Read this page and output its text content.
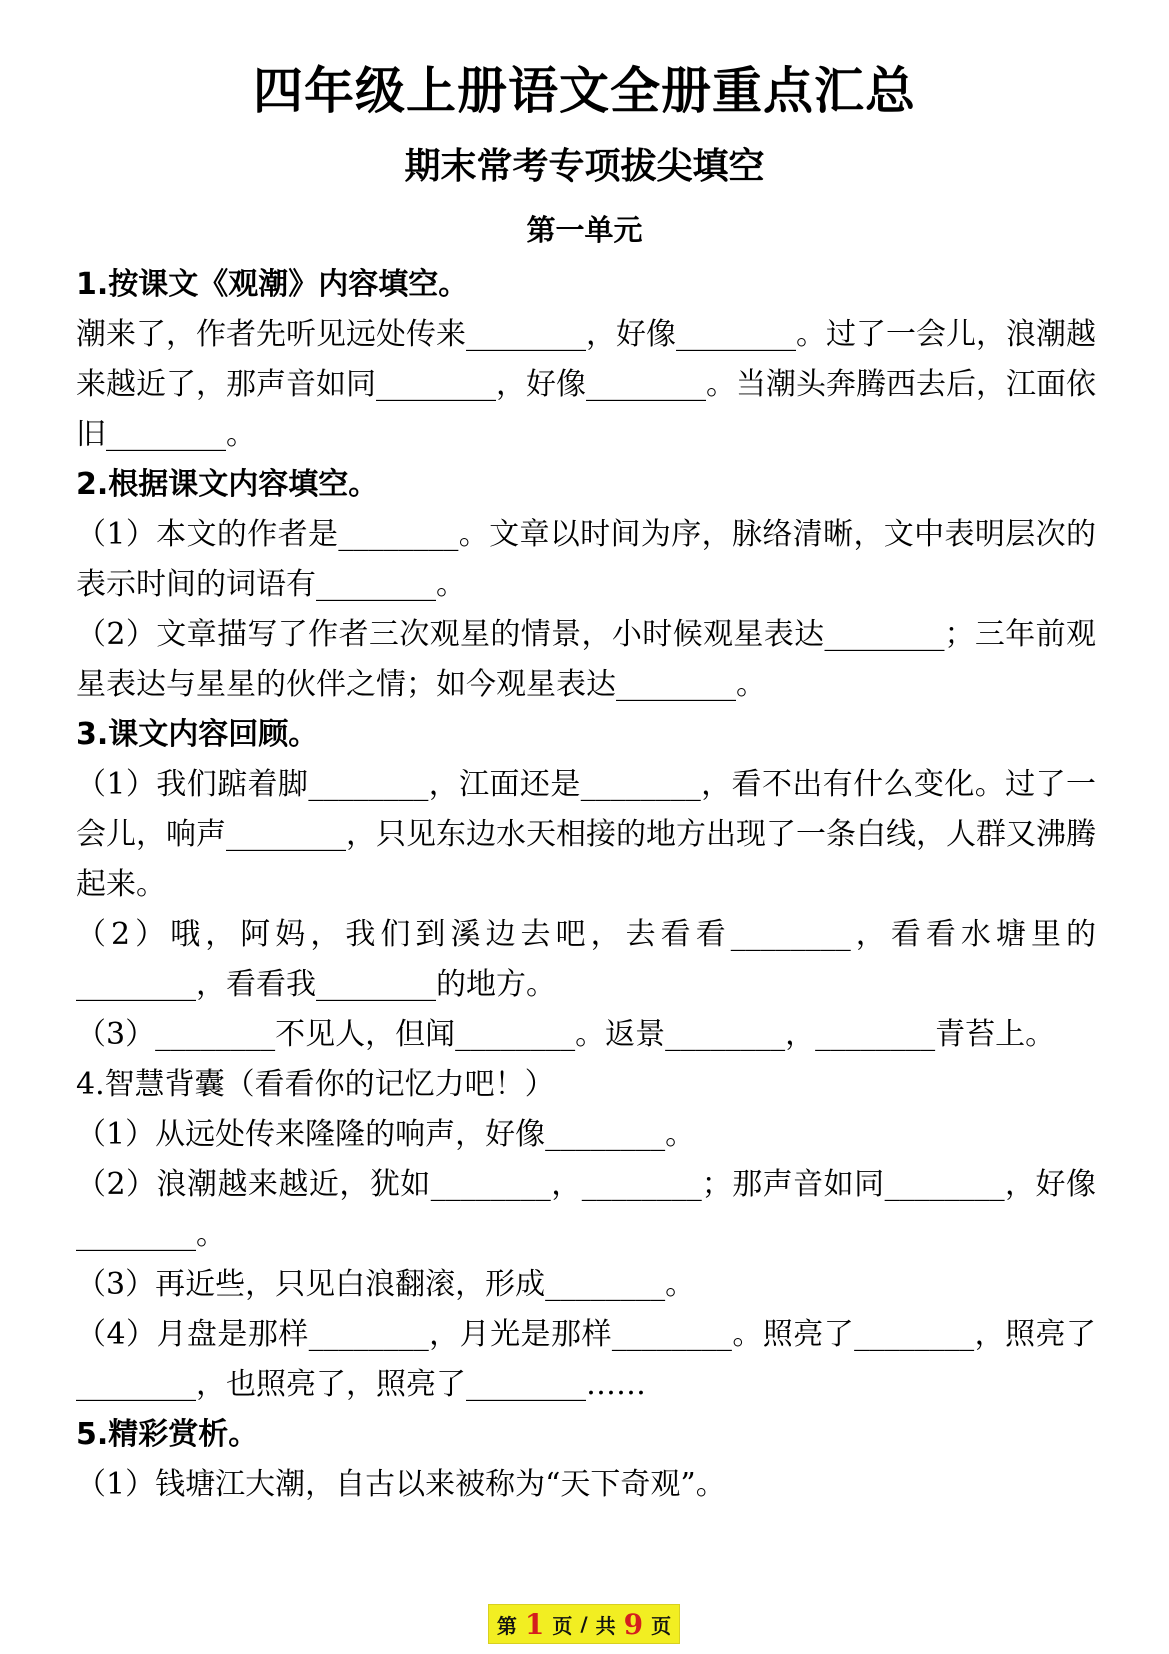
四年级上册语文全册重点汇总
期末常考专项拔尖填空
第一单元

1.按课文《观潮》内容填空。

潮来了，作者先听见远处传来________，好像________。过了一会儿，浪潮越来越近了，那声音如同________，好像________。当潮头奔腾西去后，江面依旧________。

2.根据课文内容填空。

（1）本文的作者是________。文章以时间为序，脉络清晰，文中表明层次的表示时间的词语有________。

（2）文章描写了作者三次观星的情景，小时候观星表达________；三年前观星表达与星星的伙伴之情；如今观星表达________。

3.课文内容回顾。

（1）我们踮着脚________，江面还是________，看不出有什么变化。过了一会儿，响声________，只见东边水天相接的地方出现了一条白线，人群又沸腾起来。

（2）哦，阿妈，我们到溪边去吧，去看看________，看看水塘里的________，看看我________的地方。

（3）________不见人，但闻________。返景________，________青苔上。

4.智慧背囊（看看你的记忆力吧！）

（1）从远处传来隆隆的响声，好像________。

（2）浪潮越来越近，犹如________，________；那声音如同________，好像________。

（3）再近些，只见白浪翻滚，形成________。

（4）月盘是那样________，月光是那样________。照亮了________，照亮了________，也照亮了，照亮了________……

5.精彩赏析。

（1）钱塘江大潮，自古以来被称为“天下奇观”。

第 1 页 / 共 9 页
